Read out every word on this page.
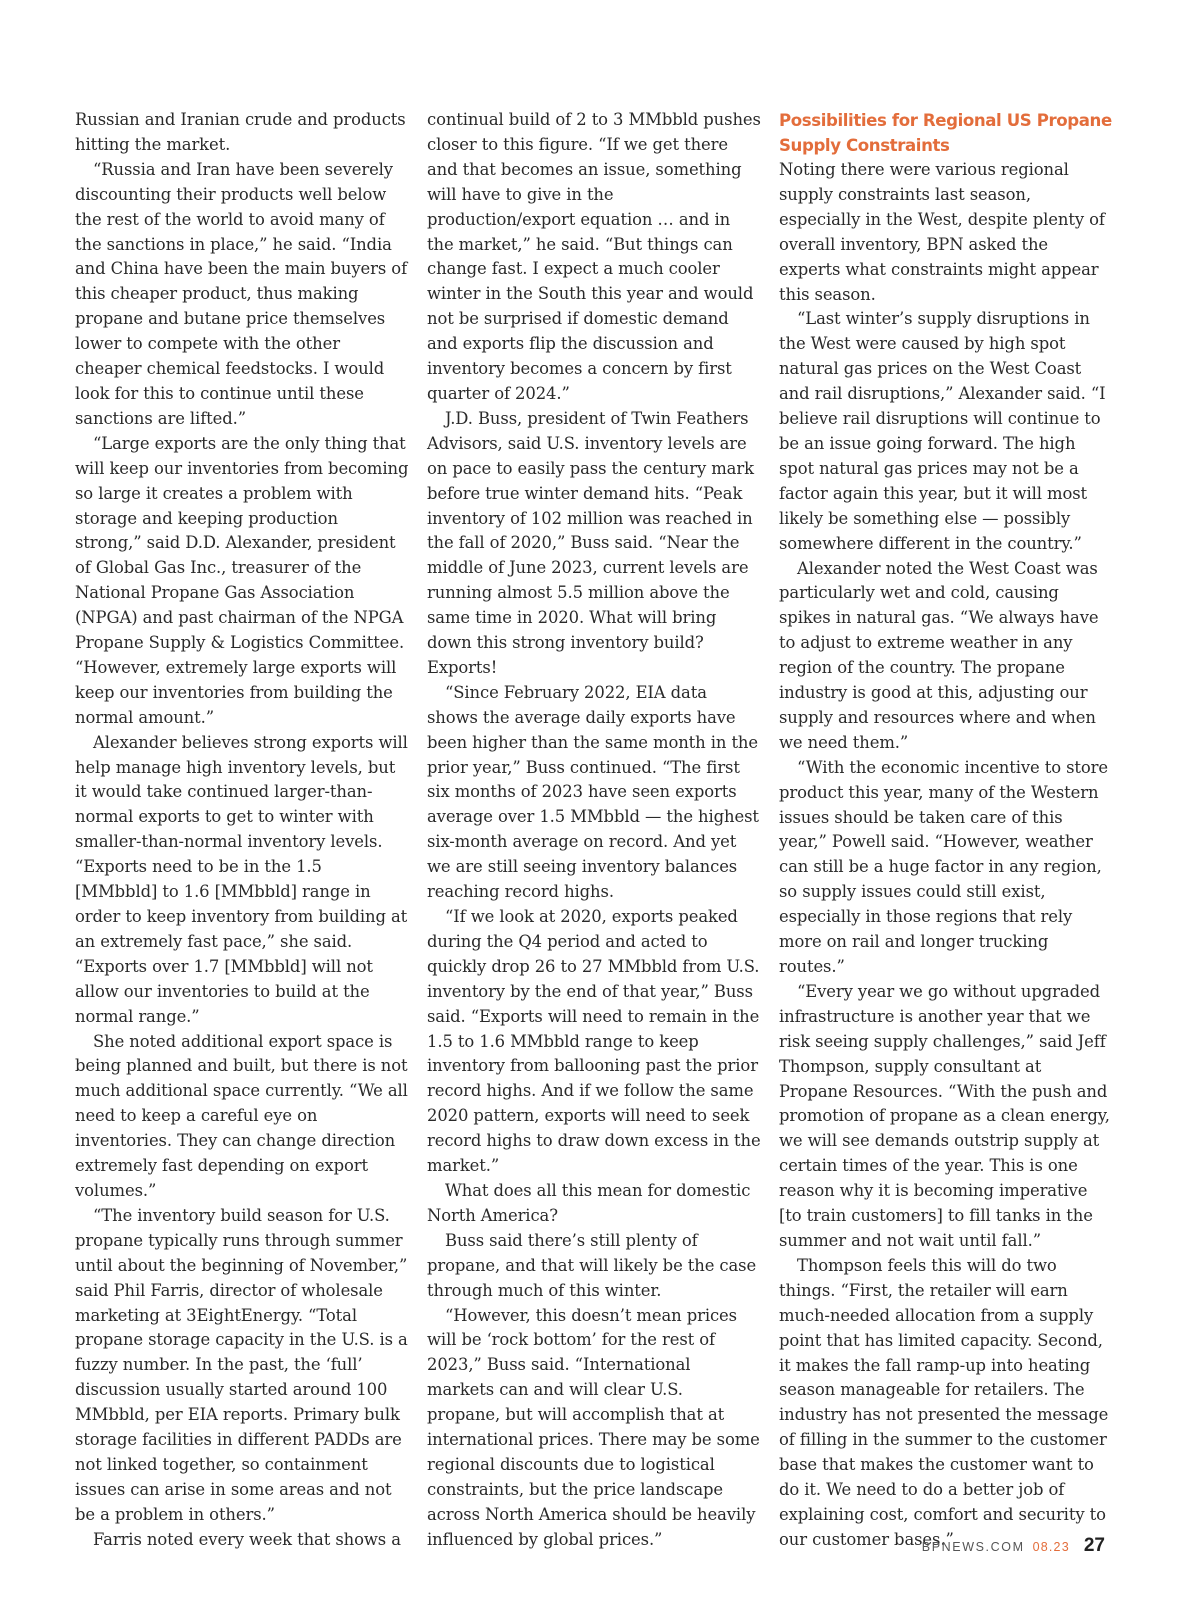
Russian and Iranian crude and products hitting the market.

“Russia and Iran have been severely discounting their products well below the rest of the world to avoid many of the sanctions in place,” he said. “India and China have been the main buyers of this cheaper product, thus making propane and butane price themselves lower to compete with the other cheaper chemical feedstocks. I would look for this to continue until these sanctions are lifted.”

“Large exports are the only thing that will keep our inventories from becoming so large it creates a problem with storage and keeping production strong,” said D.D. Alexander, president of Global Gas Inc., treasurer of the National Propane Gas Association (NPGA) and past chairman of the NPGA Propane Supply & Logistics Committee. “However, extremely large exports will keep our inventories from building the normal amount.”

Alexander believes strong exports will help manage high inventory levels, but it would take continued larger-than-normal exports to get to winter with smaller-than-normal inventory levels. “Exports need to be in the 1.5 [MMbbld] to 1.6 [MMbbld] range in order to keep inventory from building at an extremely fast pace,” she said. “Exports over 1.7 [MMbbld] will not allow our inventories to build at the normal range.”

She noted additional export space is being planned and built, but there is not much additional space currently. “We all need to keep a careful eye on inventories. They can change direction extremely fast depending on export volumes.”

“The inventory build season for U.S. propane typically runs through summer until about the beginning of November,” said Phil Farris, director of wholesale marketing at 3EightEnergy. “Total propane storage capacity in the U.S. is a fuzzy number. In the past, the ‘full’ discussion usually started around 100 MMbbld, per EIA reports. Primary bulk storage facilities in different PADDs are not linked together, so containment issues can arise in some areas and not be a problem in others.”

Farris noted every week that shows a

continual build of 2 to 3 MMbbld pushes closer to this figure. “If we get there and that becomes an issue, something will have to give in the production/export equation … and in the market,” he said. “But things can change fast. I expect a much cooler winter in the South this year and would not be surprised if domestic demand and exports flip the discussion and inventory becomes a concern by first quarter of 2024.”

J.D. Buss, president of Twin Feathers Advisors, said U.S. inventory levels are on pace to easily pass the century mark before true winter demand hits. “Peak inventory of 102 million was reached in the fall of 2020,” Buss said. “Near the middle of June 2023, current levels are running almost 5.5 million above the same time in 2020. What will bring down this strong inventory build? Exports!

“Since February 2022, EIA data shows the average daily exports have been higher than the same month in the prior year,” Buss continued. “The first six months of 2023 have seen exports average over 1.5 MMbbld — the highest six-month average on record. And yet we are still seeing inventory balances reaching record highs.

“If we look at 2020, exports peaked during the Q4 period and acted to quickly drop 26 to 27 MMbbld from U.S. inventory by the end of that year,” Buss said. “Exports will need to remain in the 1.5 to 1.6 MMbbld range to keep inventory from ballooning past the prior record highs. And if we follow the same 2020 pattern, exports will need to seek record highs to draw down excess in the market.”

What does all this mean for domestic North America?

Buss said there’s still plenty of propane, and that will likely be the case through much of this winter.

“However, this doesn’t mean prices will be ‘rock bottom’ for the rest of 2023,” Buss said. “International markets can and will clear U.S. propane, but will accomplish that at international prices. There may be some regional discounts due to logistical constraints, but the price landscape across North America should be heavily influenced by global prices.”

Possibilities for Regional US Propane Supply Constraints

Noting there were various regional supply constraints last season, especially in the West, despite plenty of overall inventory, BPN asked the experts what constraints might appear this season.

“Last winter’s supply disruptions in the West were caused by high spot natural gas prices on the West Coast and rail disruptions,” Alexander said. “I believe rail disruptions will continue to be an issue going forward. The high spot natural gas prices may not be a factor again this year, but it will most likely be something else — possibly somewhere different in the country.”

Alexander noted the West Coast was particularly wet and cold, causing spikes in natural gas. “We always have to adjust to extreme weather in any region of the country. The propane industry is good at this, adjusting our supply and resources where and when we need them.”

“With the economic incentive to store product this year, many of the Western issues should be taken care of this year,” Powell said. “However, weather can still be a huge factor in any region, so supply issues could still exist, especially in those regions that rely more on rail and longer trucking routes.”

“Every year we go without upgraded infrastructure is another year that we risk seeing supply challenges,” said Jeff Thompson, supply consultant at Propane Resources. “With the push and promotion of propane as a clean energy, we will see demands outstrip supply at certain times of the year. This is one reason why it is becoming imperative [to train customers] to fill tanks in the summer and not wait until fall.”

Thompson feels this will do two things. “First, the retailer will earn much-needed allocation from a supply point that has limited capacity. Second, it makes the fall ramp-up into heating season manageable for retailers. The industry has not presented the message of filling in the summer to the customer base that makes the customer want to do it. We need to do a better job of explaining cost, comfort and security to our customer bases.”

BPNEWS.COM 08.23 27
